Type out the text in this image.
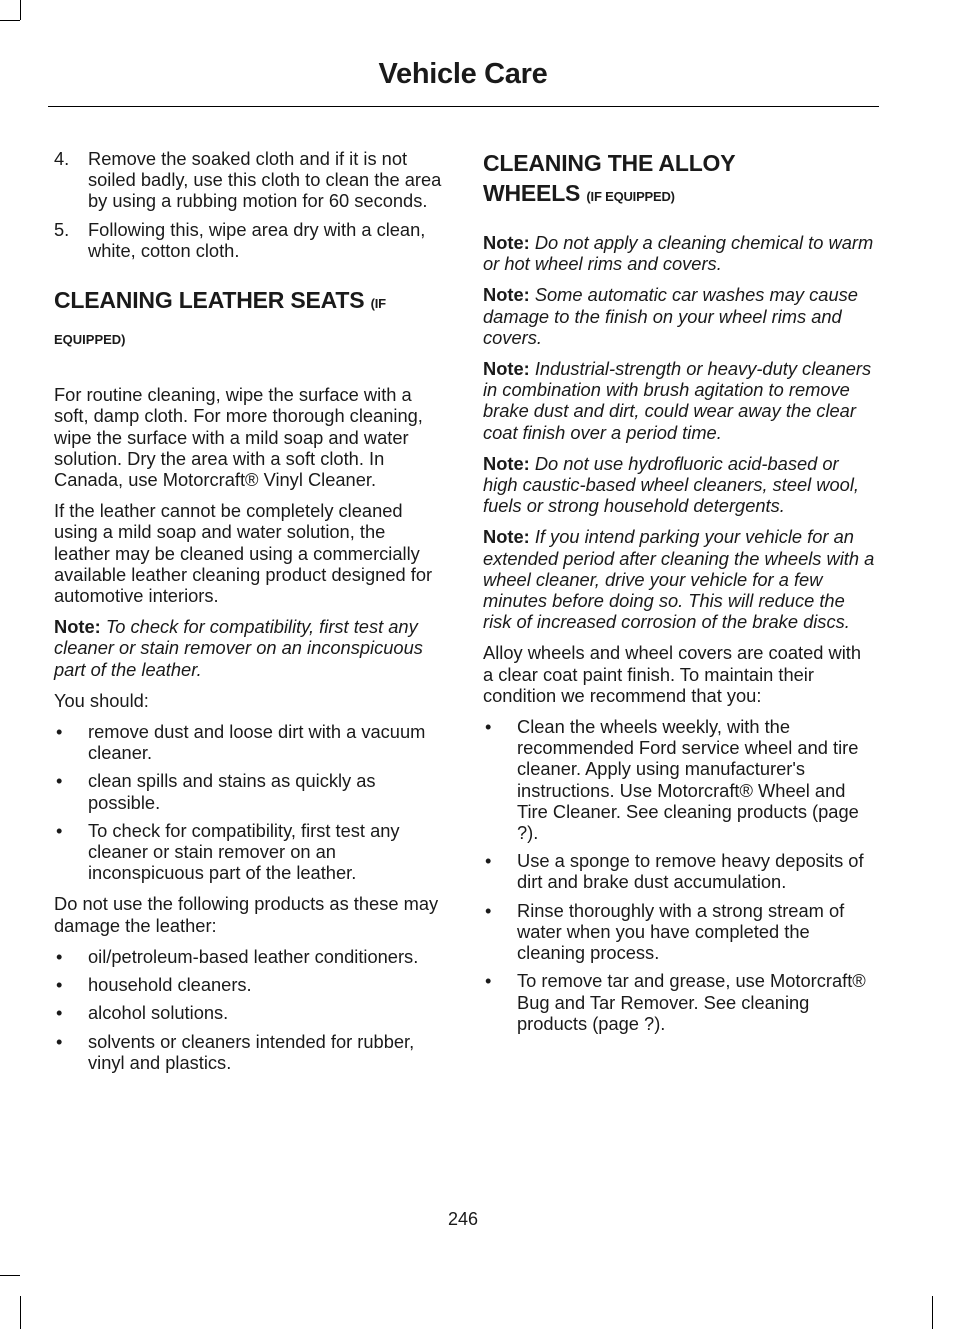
Vehicle Care
4. Remove the soaked cloth and if it is not soiled badly, use this cloth to clean the area by using a rubbing motion for 60 seconds.
5. Following this, wipe area dry with a clean, white, cotton cloth.
CLEANING LEATHER SEATS (IF
EQUIPPED)

For routine cleaning, wipe the surface with a soft, damp cloth. For more thorough cleaning, wipe the surface with a mild soap and water solution. Dry the area with a soft cloth. In Canada, use Motorcraft® Vinyl Cleaner.

If the leather cannot be completely cleaned using a mild soap and water solution, the leather may be cleaned using a commercially available leather cleaning product designed for automotive interiors.

Note: To check for compatibility, first test any cleaner or stain remover on an inconspicuous part of the leather.

You should:

• remove dust and loose dirt with a vacuum cleaner.
• clean spills and stains as quickly as possible.
• To check for compatibility, first test any cleaner or stain remover on an inconspicuous part of the leather.

Do not use the following products as these may damage the leather:

• oil/petroleum-based leather conditioners.
• household cleaners.
• alcohol solutions.
• solvents or cleaners intended for rubber, vinyl and plastics.
CLEANING THE ALLOY
WHEELS (IF EQUIPPED)

Note: Do not apply a cleaning chemical to warm or hot wheel rims and covers.

Note: Some automatic car washes may cause damage to the finish on your wheel rims and covers.

Note: Industrial-strength or heavy-duty cleaners in combination with brush agitation to remove brake dust and dirt, could wear away the clear coat finish over a period time.

Note: Do not use hydrofluoric acid-based or high caustic-based wheel cleaners, steel wool, fuels or strong household detergents.

Note: If you intend parking your vehicle for an extended period after cleaning the wheels with a wheel cleaner, drive your vehicle for a few minutes before doing so. This will reduce the risk of increased corrosion of the brake discs.

Alloy wheels and wheel covers are coated with a clear coat paint finish. To maintain their condition we recommend that you:

• Clean the wheels weekly, with the recommended Ford service wheel and tire cleaner. Apply using manufacturer's instructions. Use Motorcraft® Wheel and Tire Cleaner. See cleaning products (page ?).
• Use a sponge to remove heavy deposits of dirt and brake dust accumulation.
• Rinse thoroughly with a strong stream of water when you have completed the cleaning process.
• To remove tar and grease, use Motorcraft® Bug and Tar Remover. See cleaning products (page ?).
246
